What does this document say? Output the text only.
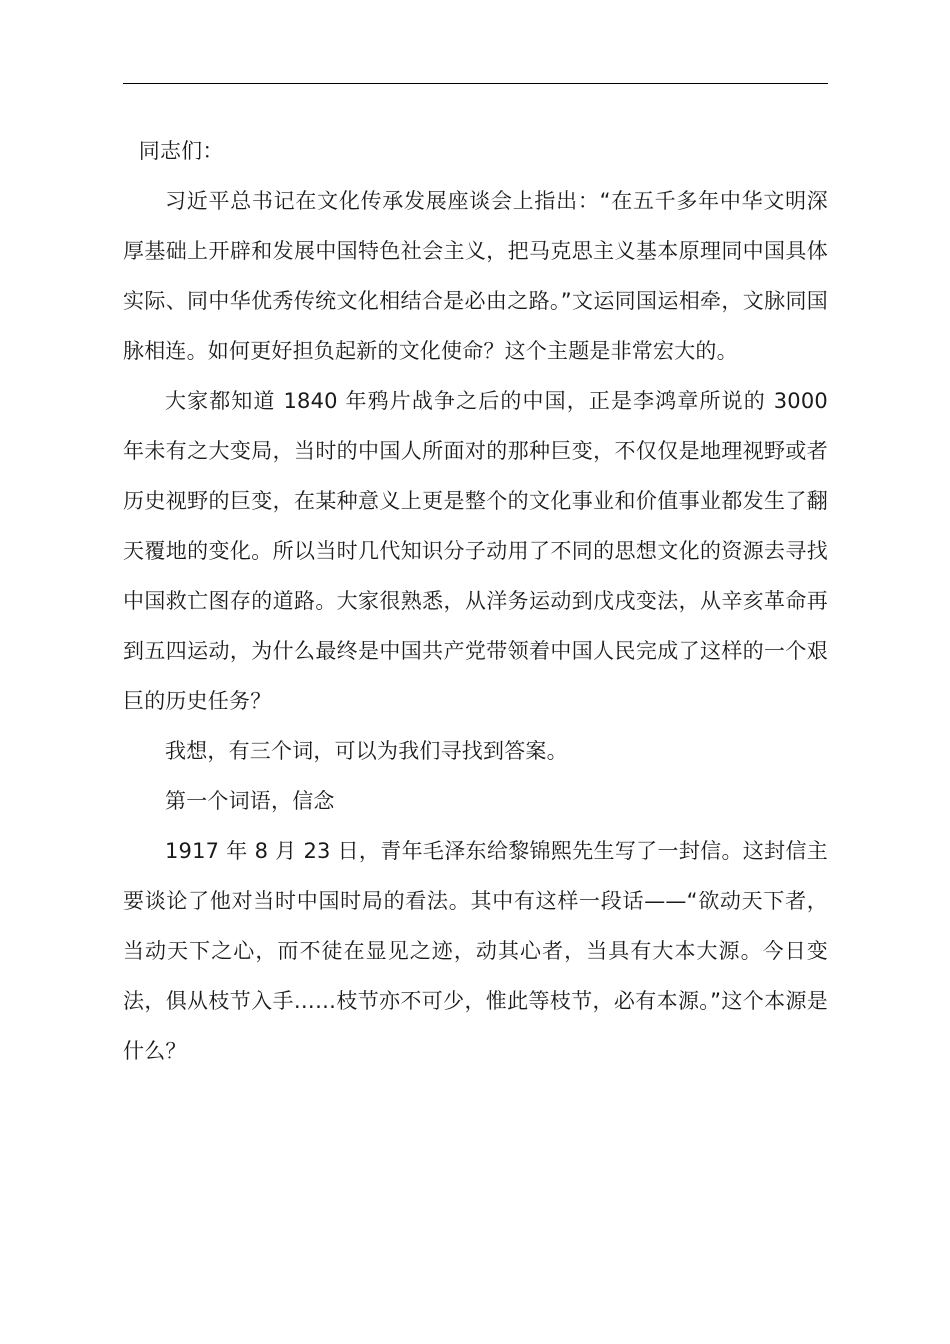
同志们：

习近平总书记在文化传承发展座谈会上指出：“在五千多年中华文明深厚基础上开辟和发展中国特色社会主义，把马克思主义基本原理同中国具体实际、同中华优秀传统文化相结合是必由之路。”文运同国运相牵，文脉同国脉相连。如何更好担负起新的文化使命？这个主题是非常宏大的。

大家都知道 1840 年鸦片战争之后的中国，正是李鸿章所说的 3000 年未有之大变局，当时的中国人所面对的那种巨变，不仅仅是地理视野或者历史视野的巨变，在某种意义上更是整个的文化事业和价值事业都发生了翻天覆地的变化。所以当时几代知识分子动用了不同的思想文化的资源去寻找中国救亡图存的道路。大家很熟悉，从洋务运动到戊戌变法，从辛亥革命再到五四运动，为什么最终是中国共产党带领着中国人民完成了这样的一个艰巨的历史任务？

我想，有三个词，可以为我们寻找到答案。

第一个词语，信念

1917 年 8 月 23 日，青年毛泽东给黎锦熙先生写了一封信。这封信主要谈论了他对当时中国时局的看法。其中有这样一段话——“欲动天下者，当动天下之心，而不徒在显见之迹，动其心者，当具有大本大源。今日变法，俱从枝节入手……枝节亦不可少，惟此等枝节，必有本源。”这个本源是什么？
